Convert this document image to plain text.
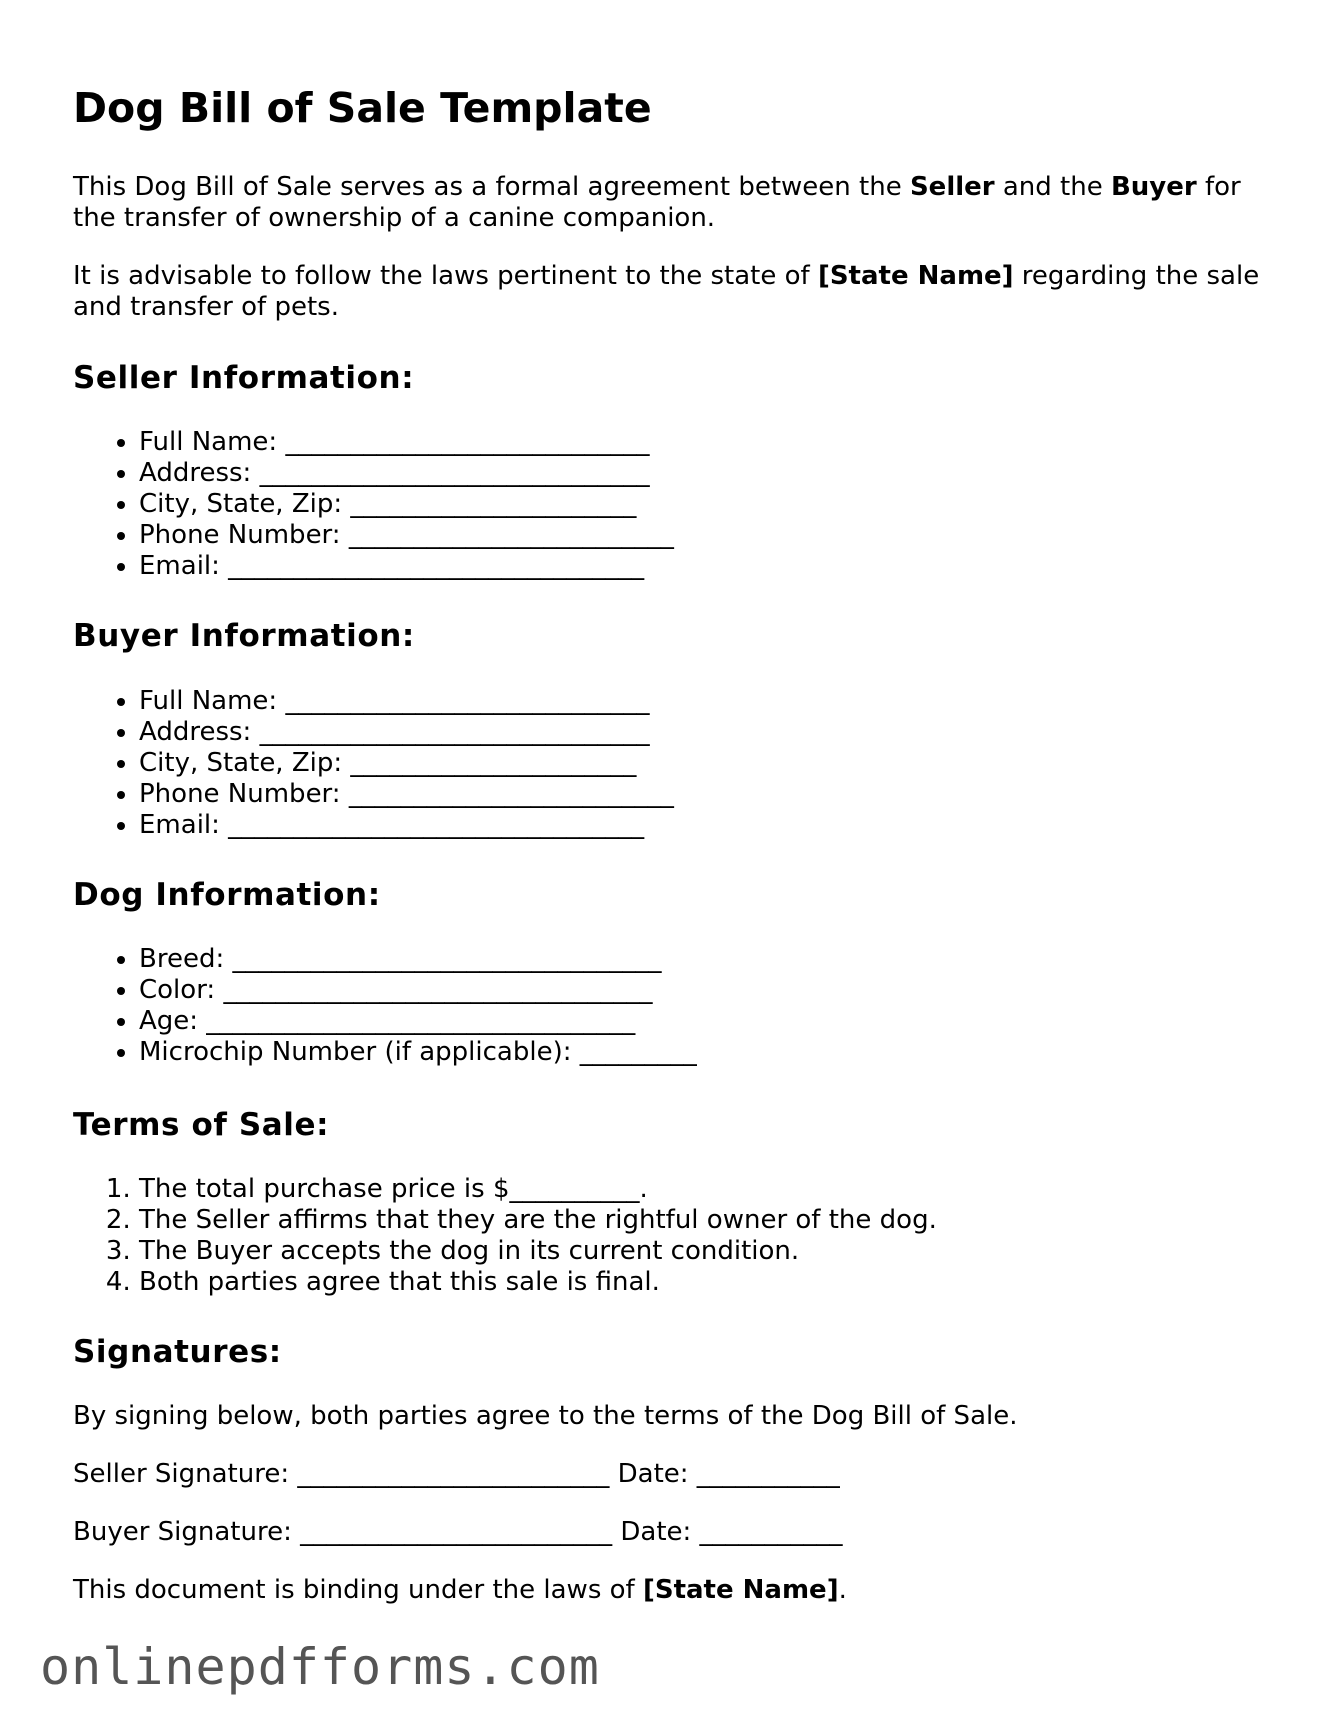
Dog Bill of Sale Template

This Dog Bill of Sale serves as a formal agreement between the Seller and the Buyer for the transfer of ownership of a canine companion.

It is advisable to follow the laws pertinent to the state of [State Name] regarding the sale and transfer of pets.

Seller Information:
• Full Name: ____________________________
• Address: ______________________________
• City, State, Zip: ______________________
• Phone Number: _________________________
• Email: ________________________________
Buyer Information:
• Full Name: ____________________________
• Address: ______________________________
• City, State, Zip: ______________________
• Phone Number: _________________________
• Email: ________________________________
Dog Information:
• Breed: _________________________________
• Color: _________________________________
• Age: _________________________________
• Microchip Number (if applicable): _________
Terms of Sale:
1. The total purchase price is $__________.
2. The Seller affirms that they are the rightful owner of the dog.
3. The Buyer accepts the dog in its current condition.
4. Both parties agree that this sale is final.
Signatures:

By signing below, both parties agree to the terms of the Dog Bill of Sale.

Seller Signature: ________________________ Date: ___________

Buyer Signature: ________________________ Date: ___________

This document is binding under the laws of [State Name].

onlinepdfforms.com
